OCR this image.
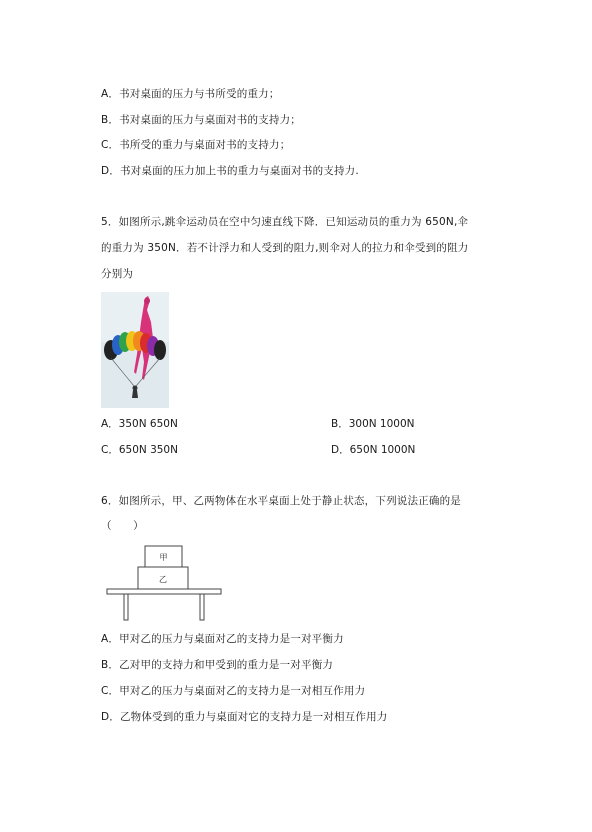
A．书对桌面的压力与书所受的重力；
B．书对桌面的压力与桌面对书的支持力；
C．书所受的重力与桌面对书的支持力；
D．书对桌面的压力加上书的重力与桌面对书的支持力.
5．如图所示,跳伞运动员在空中匀速直线下降．已知运动员的重力为 650N,伞
的重力为 350N．若不计浮力和人受到的阻力,则伞对人的拉力和伞受到的阻力
分别为
A．350N 650N	B．300N 1000N
C．650N 350N	D．650N 1000N
6．如图所示，甲、乙两物体在水平桌面上处于静止状态，下列说法正确的是
（　　）
甲
乙
A．甲对乙的压力与桌面对乙的支持力是一对平衡力
B．乙对甲的支持力和甲受到的重力是一对平衡力
C．甲对乙的压力与桌面对乙的支持力是一对相互作用力
D．乙物体受到的重力与桌面对它的支持力是一对相互作用力
